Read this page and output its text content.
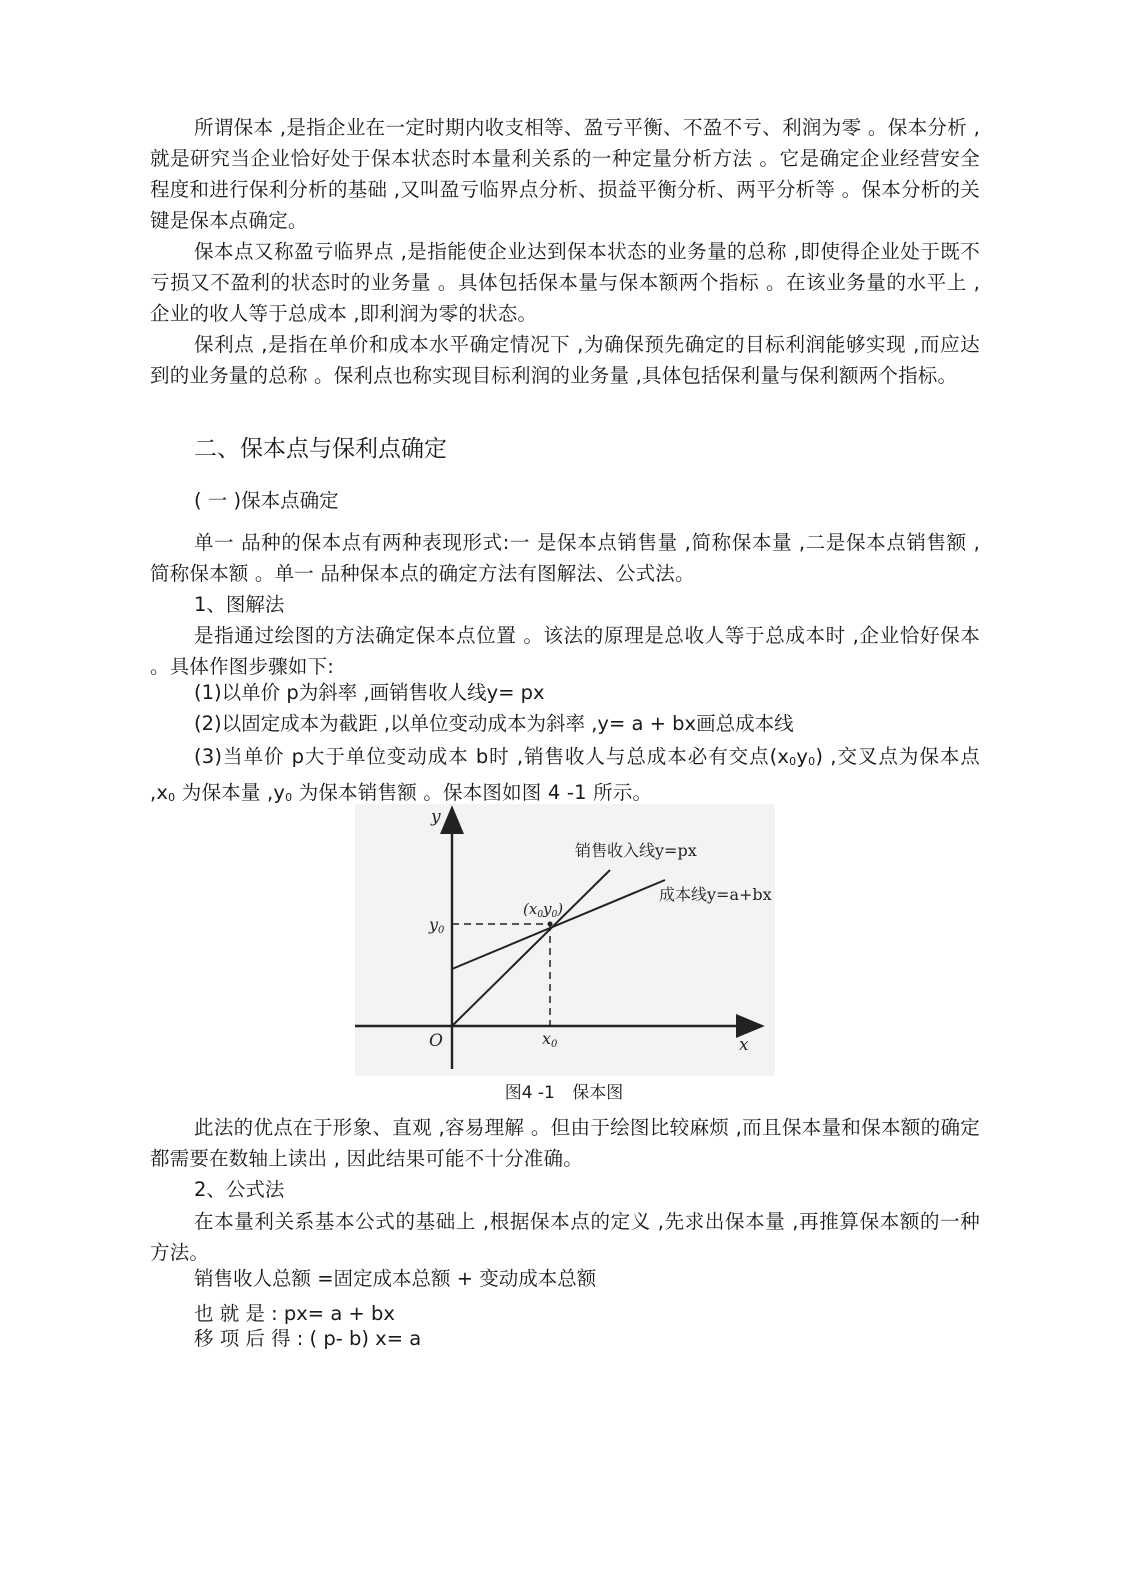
所谓保本 ,是指企业在一定时期内收支相等、盈亏平衡、不盈不亏、利润为零 。保本分析 ,就是研究当企业恰好处于保本状态时本量利关系的一种定量分析方法 。它是确定企业经营安全程度和进行保利分析的基础 ,又叫盈亏临界点分析、损益平衡分析、两平分析等 。保本分析的关键是保本点确定。
保本点又称盈亏临界点 ,是指能使企业达到保本状态的业务量的总称 ,即使得企业处于既不亏损又不盈利的状态时的业务量 。具体包括保本量与保本额两个指标 。在该业务量的水平上 ,企业的收人等于总成本 ,即利润为零的状态。
保利点 ,是指在单价和成本水平确定情况下 ,为确保预先确定的目标利润能够实现 ,而应达到的业务量的总称 。保利点也称实现目标利润的业务量 ,具体包括保利量与保利额两个指标。
二、保本点与保利点确定
( 一 )保本点确定
单一 品种的保本点有两种表现形式:一 是保本点销售量 ,简称保本量 ,二是保本点销售额 ,简称保本额 。单一 品种保本点的确定方法有图解法、公式法。
1、图解法
是指通过绘图的方法确定保本点位置 。该法的原理是总收人等于总成本时 ,企业恰好保本 。具体作图步骤如下:
(1)以单价 p为斜率 ,画销售收人线y= px
(2)以固定成本为截距 ,以单位变动成本为斜率 ,y= a + bx画总成本线
(3)当单价 p大于单位变动成本 b时 ,销售收人与总成本必有交点$(x_0y_0)$ ,交叉点为保本点 $,x_0$ 为保本量 $,y_0$ 为保本销售额 。保本图如图 4 -1 所示。
y
x
O
y0
x0
$(x_0y_0)$
销售收入线y=px
成本线y=a+bx
图4 -1 保本图
此法的优点在于形象、直观 ,容易理解 。但由于绘图比较麻烦 ,而且保本量和保本额的确定都需要在数轴上读出 , 因此结果可能不十分准确。
2、公式法
在本量利关系基本公式的基础上 ,根据保本点的定义 ,先求出保本量 ,再推算保本额的一种方法。
销售收人总额 =固定成本总额 + 变动成本总额
也 就 是 : px= a + bx
移 项 后 得 : ( p- b) x= a
